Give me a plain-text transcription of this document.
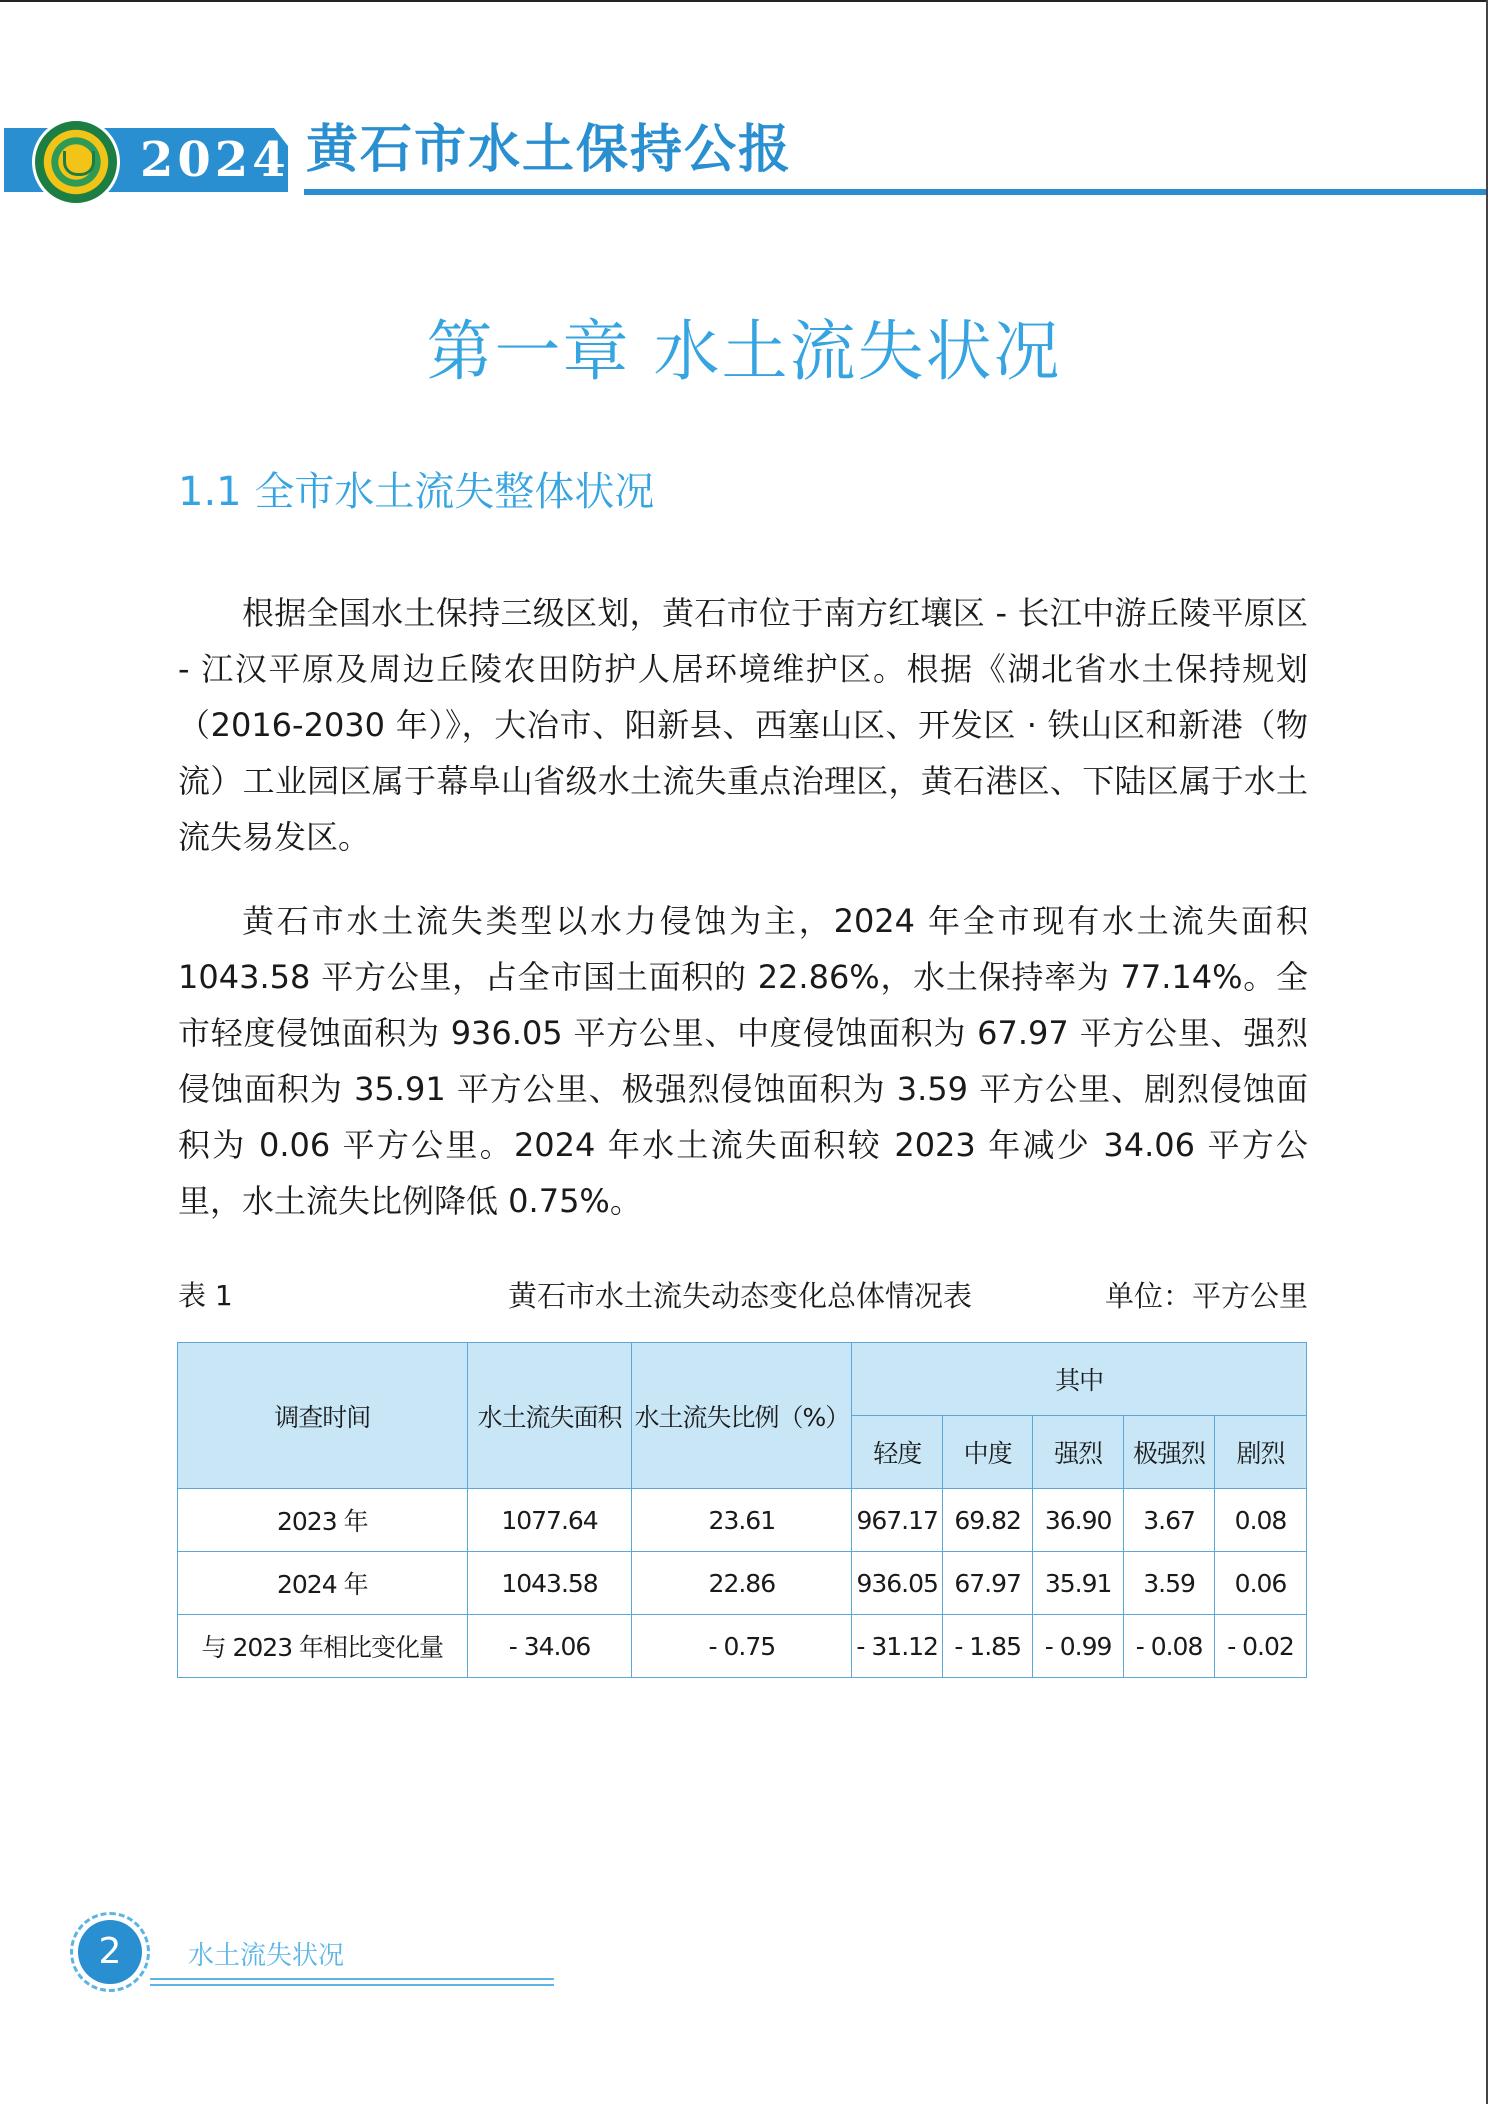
2024 黄石市水土保持公报
第一章 水土流失状况
1.1 全市水土流失整体状况

根据全国水土保持三级区划，黄石市位于南方红壤区 - 长江中游丘陵平原区 - 江汉平原及周边丘陵农田防护人居环境维护区。根据《湖北省水土保持规划（2016-2030 年）》，大冶市、阳新县、西塞山区、开发区 · 铁山区和新港（物流）工业园区属于幕阜山省级水土流失重点治理区，黄石港区、下陆区属于水土流失易发区。

黄石市水土流失类型以水力侵蚀为主，2024 年全市现有水土流失面积 1043.58 平方公里，占全市国土面积的 22.86%，水土保持率为 77.14%。全市轻度侵蚀面积为 936.05 平方公里、中度侵蚀面积为 67.97 平方公里、强烈侵蚀面积为 35.91 平方公里、极强烈侵蚀面积为 3.59 平方公里、剧烈侵蚀面积为 0.06 平方公里。2024 年水土流失面积较 2023 年减少 34.06 平方公里，水土流失比例降低 0.75%。

表 1	黄石市水土流失动态变化总体情况表	单位：平方公里
调查时间	水土流失面积	水土流失比例（%）	其中				
			轻度	中度	强烈	极强烈	剧烈
2023 年	1077.64	23.61	967.17	69.82	36.90	3.67	0.08
2024 年	1043.58	22.86	936.05	67.97	35.91	3.59	0.06
与 2023 年相比变化量	- 34.06	- 0.75	- 31.12	- 1.85	- 0.99	- 0.08	- 0.02
2	水土流失状况
